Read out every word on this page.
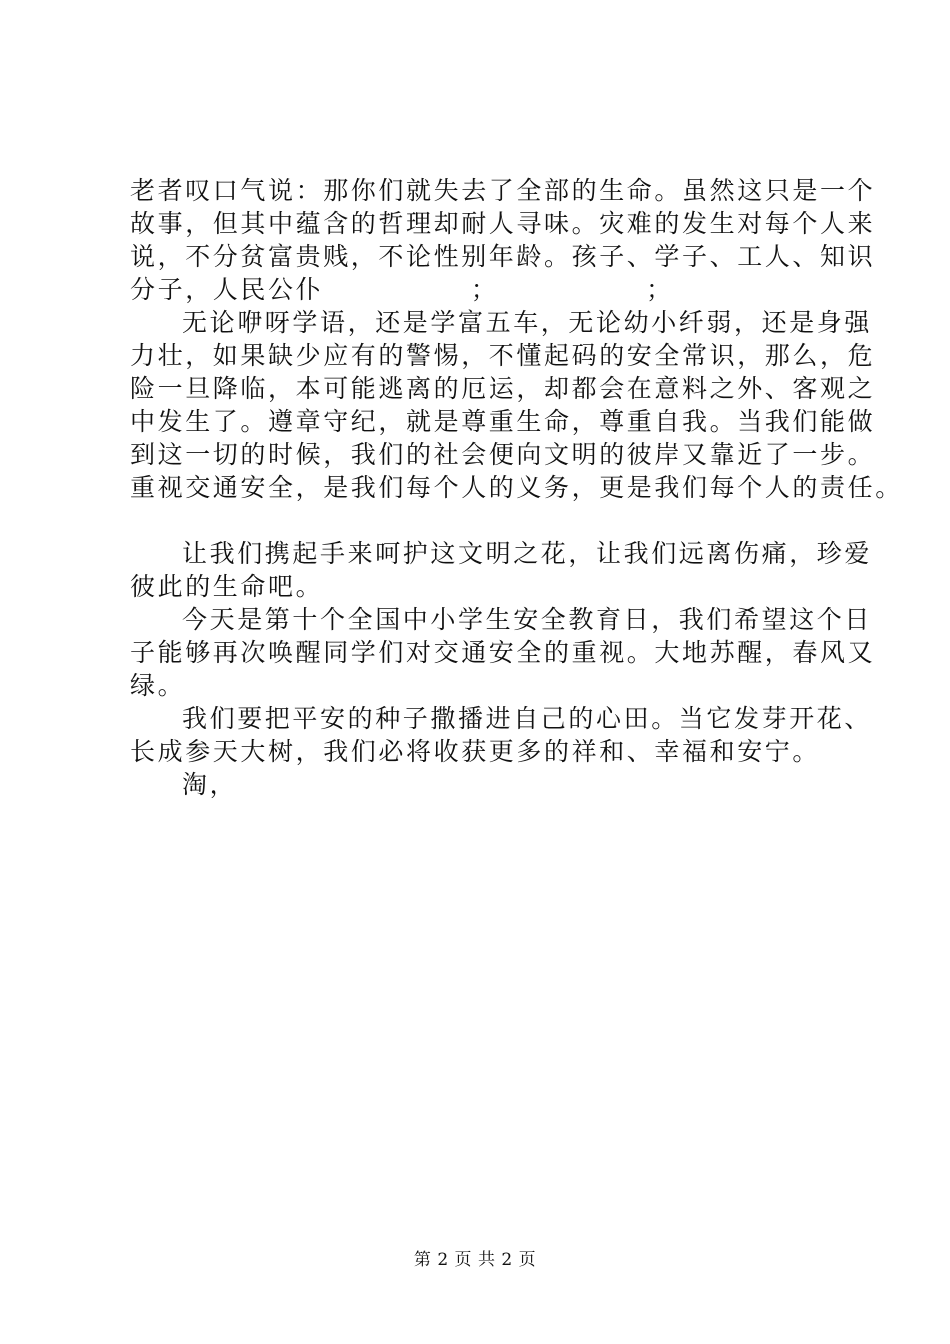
老者叹口气说：那你们就失去了全部的生命。虽然这只是一个
故事，但其中蕴含的哲理却耐人寻味。灾难的发生对每个人来
说，不分贫富贵贱，不论性别年龄。孩子、学子、工人、知识
分子，人民公仆              ；              ；
无论咿呀学语，还是学富五车，无论幼小纤弱，还是身强
力壮，如果缺少应有的警惕，不懂起码的安全常识，那么，危
险一旦降临，本可能逃离的厄运，却都会在意料之外、客观之
中发生了。遵章守纪，就是尊重生命，尊重自我。当我们能做
到这一切的时候，我们的社会便向文明的彼岸又靠近了一步。
重视交通安全，是我们每个人的义务，更是我们每个人的责任。
让我们携起手来呵护这文明之花，让我们远离伤痛，珍爱
彼此的生命吧。
今天是第十个全国中小学生安全教育日，我们希望这个日
子能够再次唤醒同学们对交通安全的重视。大地苏醒，春风又
绿。
我们要把平安的种子撒播进自己的心田。当它发芽开花、
长成参天大树，我们必将收获更多的祥和、幸福和安宁。
淘，
第 2 页 共 2 页
